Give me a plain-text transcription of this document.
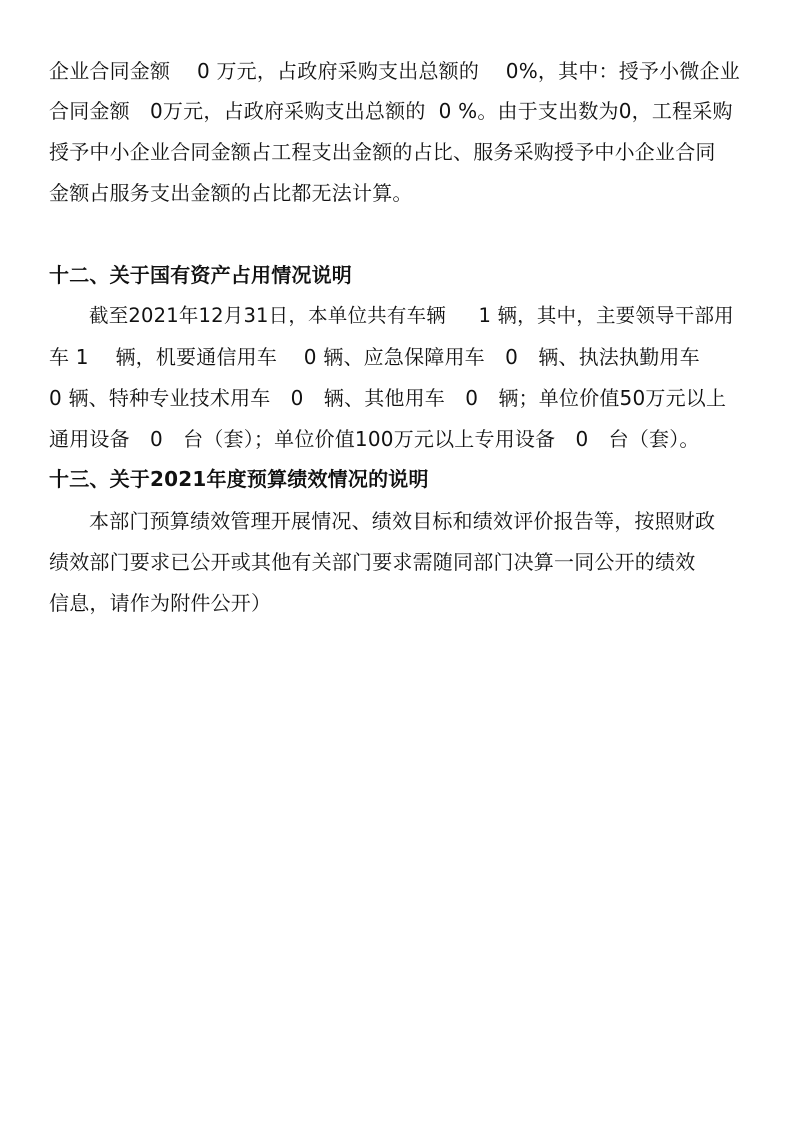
企业合同金额　 0 万元，占政府采购支出总额的　 0%，其中：授予小微企业
合同金额　0万元，占政府采购支出总额的  0 %。由于支出数为0，工程采购
授予中小企业合同金额占工程支出金额的占比、服务采购授予中小企业合同
金额占服务支出金额的占比都无法计算。
十二、关于国有资产占用情况说明
截至2021年12月31日，本单位共有车辆　  1 辆，其中，主要领导干部用
车 1　 辆，机要通信用车　 0 辆、应急保障用车　0　辆、执法执勤用车
0 辆、特种专业技术用车　0　辆、其他用车　0　辆；单位价值50万元以上
通用设备　0　台（套）；单位价值100万元以上专用设备　0　台（套）。
十三、关于2021年度预算绩效情况的说明
本部门预算绩效管理开展情况、绩效目标和绩效评价报告等，按照财政
绩效部门要求已公开或其他有关部门要求需随同部门决算一同公开的绩效
信息，请作为附件公开）
